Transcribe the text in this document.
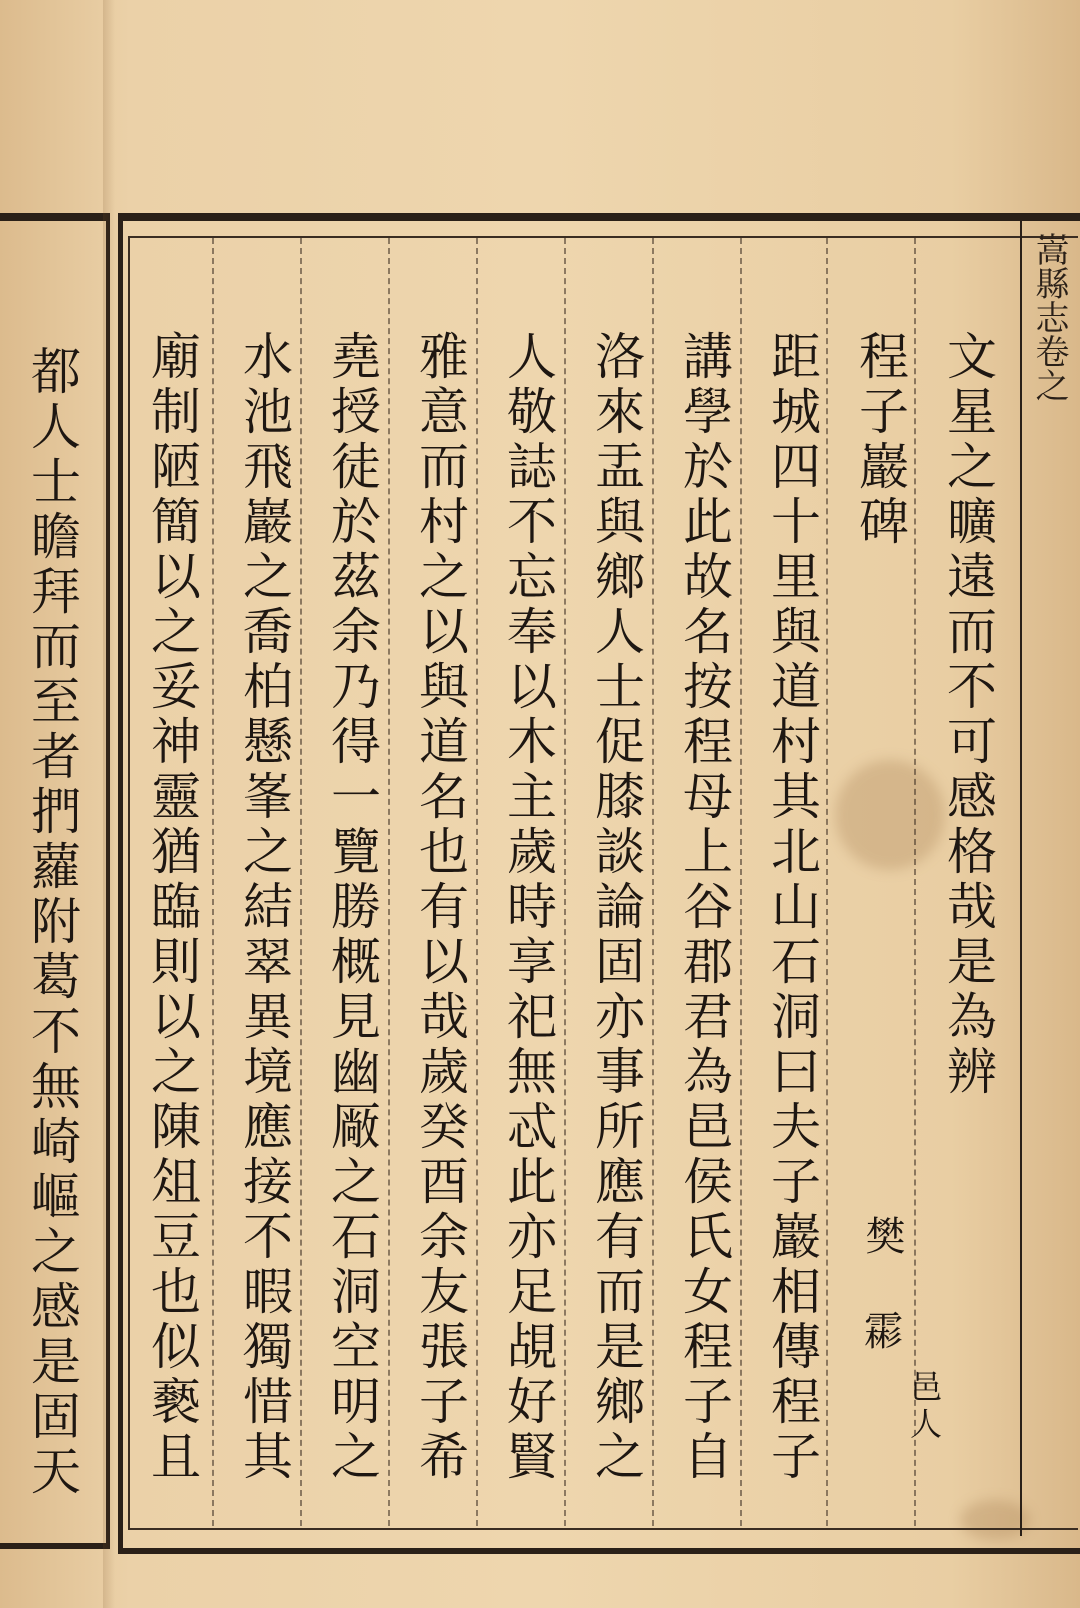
嵩縣志卷之
文星之曠遠而不可感格哉是為辨
程子巖碑
樊
霦
邑人
距城四十里與道村其北山石洞曰夫子巖相傳程子
講學於此故名按程母上谷郡君為邑侯氏女程子自
洛來盂與鄉人士促膝談論固亦事所應有而是鄉之
人敬誌不忘奉以木主歲時享祀無忒此亦足覘好賢
雅意而村之以與道名也有以哉歲癸酉余友張子希
堯授徒於茲余乃得一覽勝概見幽厰之石洞空明之
水池飛巖之喬柏懸峯之結翠異境應接不暇獨惜其
廟制陋簡以之妥神靈猶臨則以之陳俎豆也似褻且
都人士瞻拜而至者捫蘿附葛不無崎嶇之感是固天
